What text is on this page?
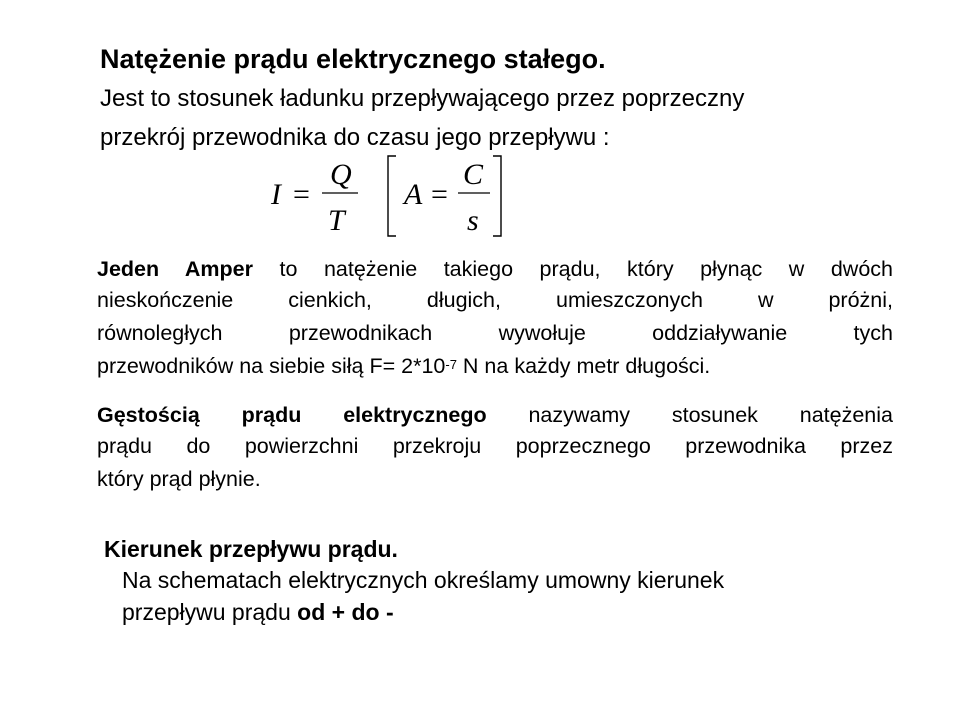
Natężenie prądu elektrycznego stałego.
Jest to stosunek ładunku przepływającego przez poprzeczny
przekrój przewodnika do czasu jego przepływu :
I =
Q
T
A =
C
s
Jeden Amper to natężenie takiego prądu, który płynąc w dwóch
nieskończenie cienkich, długich, umieszczonych w próżni,
równoległych przewodnikach wywołuje oddziaływanie tych
przewodników na siebie siłą $F= 2*10^{-7}$ N na każdy metr długości.
Gęstością prądu elektrycznego nazywamy stosunek natężenia
prądu do powierzchni przekroju poprzecznego przewodnika przez
który prąd płynie.
Kierunek przepływu prądu.
Na schematach elektrycznych określamy umowny kierunek
przepływu prądu od + do -
